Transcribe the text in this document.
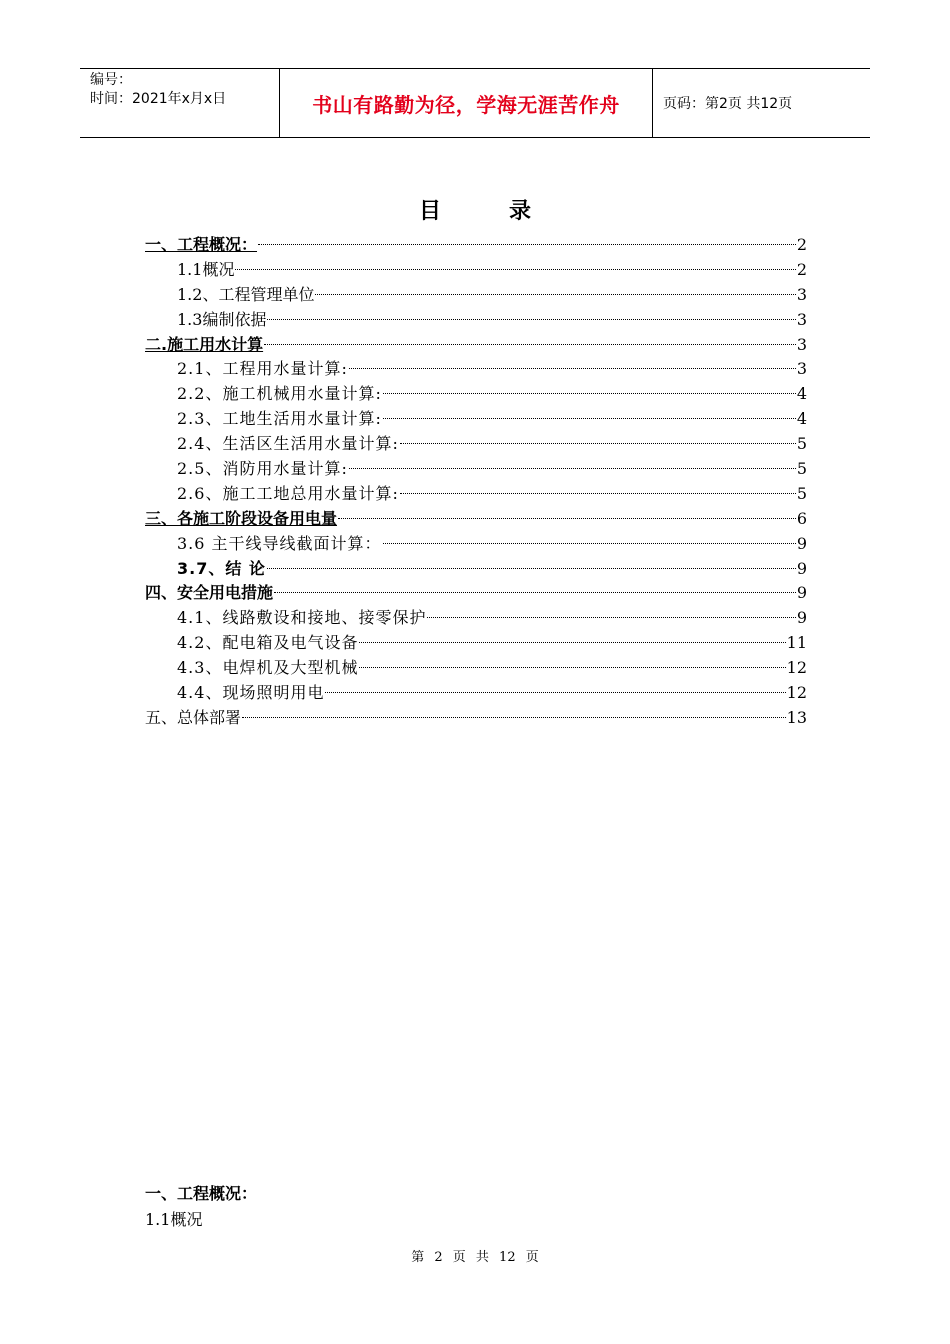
编号：
时间：2021年x月x日	书山有路勤为径，学海无涯苦作舟	页码：第2页 共12页
目录
一、工程概况：	2
1.1概况	2
1.2、工程管理单位	3
1.3编制依据	3
二.施工用水计算	3
2.1、工程用水量计算:	3
2.2、施工机械用水量计算:	4
2.3、工地生活用水量计算:	4
2.4、生活区生活用水量计算:	5
2.5、消防用水量计算:	5
2.6、施工工地总用水量计算:	5
三、各施工阶段设备用电量	6
3.6 主干线导线截面计算：	9
3.7、结 论	9
四、安全用电措施	9
4.1、线路敷设和接地、接零保护	9
4.2、配电箱及电气设备	11
4.3、电焊机及大型机械	12
4.4、现场照明用电	12
五、总体部署	13
一、工程概况：
1.1概况
第 2 页 共 12 页
